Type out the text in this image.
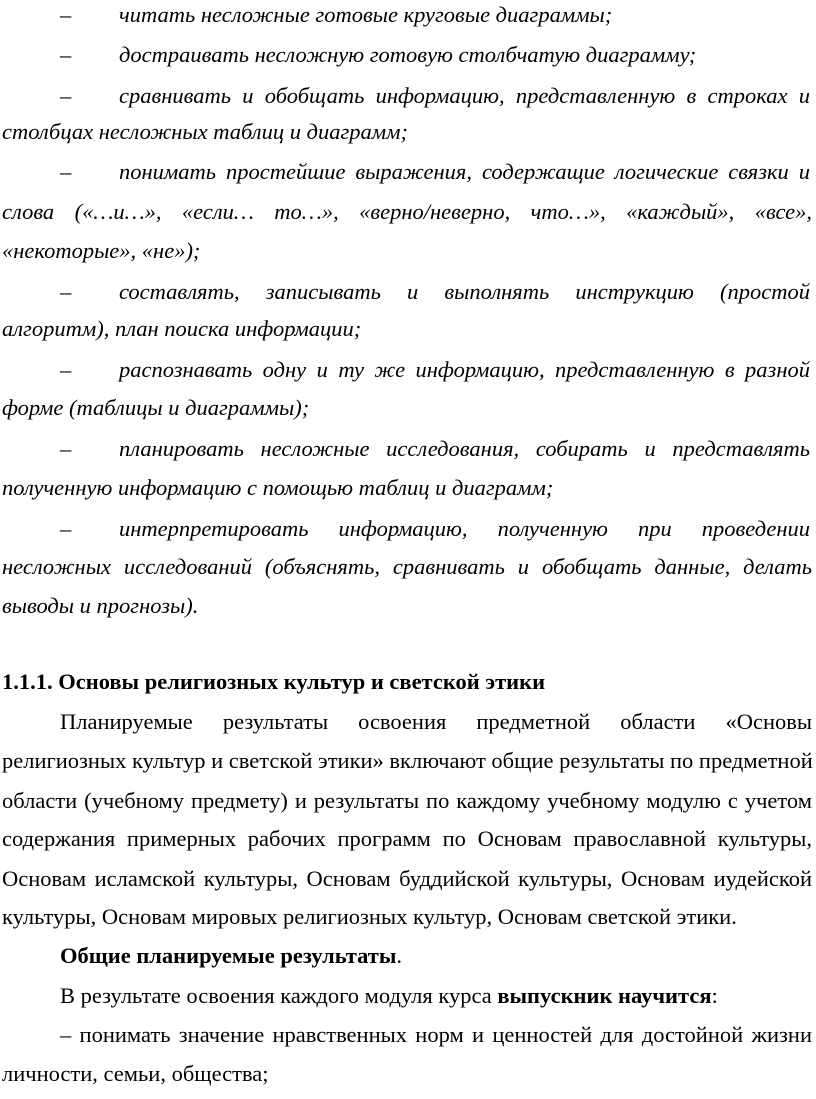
–	читать несложные готовые круговые диаграммы;
–	достраивать несложную готовую столбчатую диаграмму;
–	сравнивать и обобщать информацию, представленную в строках и
столбцах несложных таблиц и диаграмм;
–	понимать простейшие выражения, содержащие логические связки и
слова («…и…», «если… то…», «верно/неверно, что…», «каждый», «все»,
«некоторые», «не»);
–	составлять, записывать и выполнять инструкцию (простой
алгоритм), план поиска информации;
–	распознавать одну и ту же информацию, представленную в разной
форме (таблицы и диаграммы);
–	планировать несложные исследования, собирать и представлять
полученную информацию с помощью таблиц и диаграмм;
–	интерпретировать информацию, полученную при проведении
несложных исследований (объяснять, сравнивать и обобщать данные, делать
выводы и прогнозы).
1.1.1. Основы религиозных культур и светской этики
Планируемые результаты освоения предметной области «Основы
религиозных культур и светской этики» включают общие результаты по предметной
области (учебному предмету) и результаты по каждому учебному модулю с учетом
содержания примерных рабочих программ по Основам православной культуры,
Основам исламской культуры, Основам буддийской культуры, Основам иудейской
культуры, Основам мировых религиозных культур, Основам светской этики.
Общие планируемые результаты.
В результате освоения каждого модуля курса выпускник научится:
– понимать значение нравственных норм и ценностей для достойной жизни
личности, семьи, общества;
